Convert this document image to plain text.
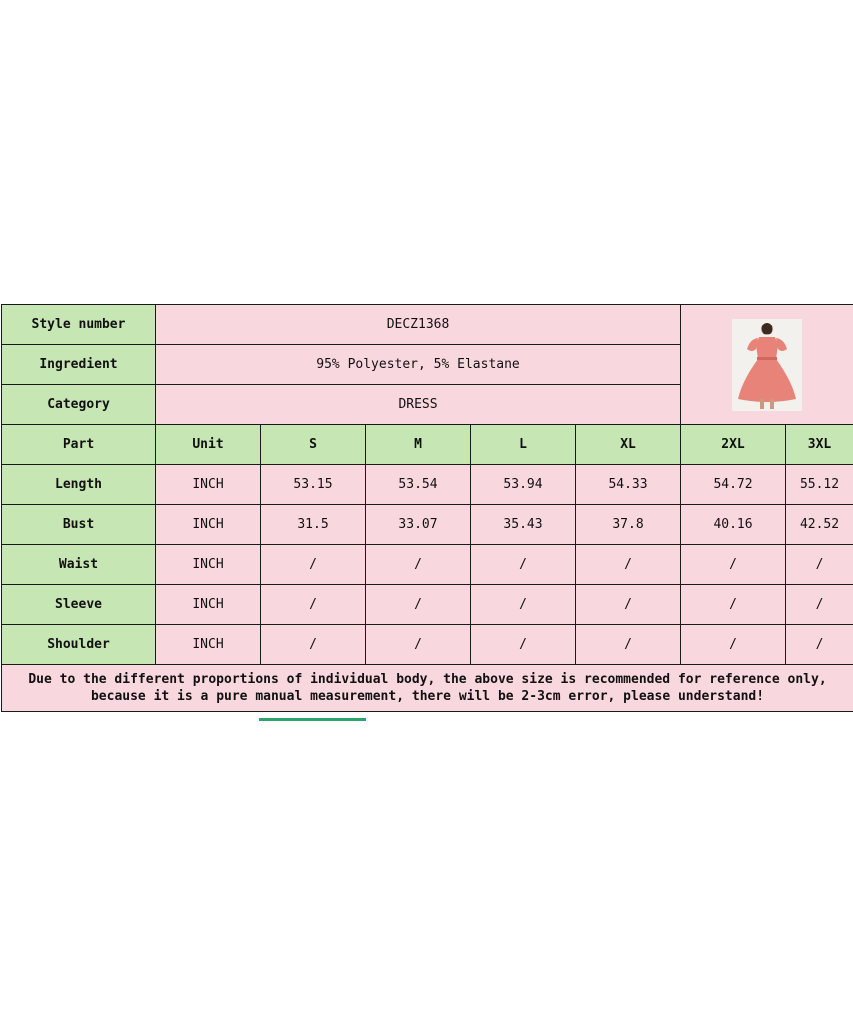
Style number	DECZ1368	
Ingredient	95% Polyester, 5% Elastane						
Category	DRESS						
Part	Unit	S	M	L	XL	2XL	3XL
Length	INCH	53.15	53.54	53.94	54.33	54.72	55.12
Bust	INCH	31.5	33.07	35.43	37.8	40.16	42.52
Waist	INCH	/	/	/	/	/	/
Sleeve	INCH	/	/	/	/	/	/
Shoulder	INCH	/	/	/	/	/	/
Due to the different proportions of individual body, the above size is recommended for reference only, because it is a pure manual measurement, there will be 2-3cm error, please understand!							
